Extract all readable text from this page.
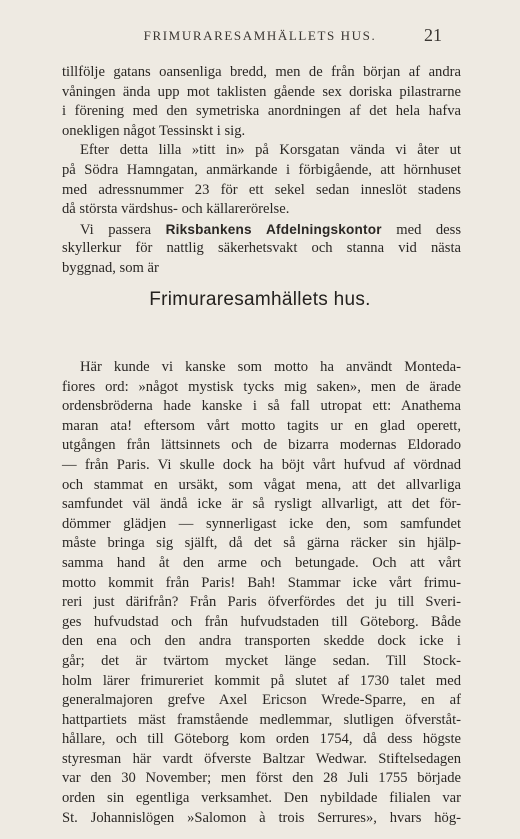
FRIMURARESAMHÄLLETS HUS.	21
tillfölje gatans oansenliga bredd, men de från början af andra
våningen ända upp mot taklisten gående sex doriska pilastrarne
i förening med den symetriska anordningen af det hela hafva
onekligen något Tessinskt i sig.
Efter detta lilla »titt in» på Korsgatan vända vi åter ut
på Södra Hamngatan, anmärkande i förbigående, att hörnhuset
med adressnummer 23 för ett sekel sedan inneslöt stadens
då största värdshus- och källarerörelse.
Vi passera Riksbankens Afdelningskontor med dess
skyllerkur för nattlig säkerhetsvakt och stanna vid nästa
byggnad, som är
Frimuraresamhällets hus.
Här kunde vi kanske som motto ha användt Monteda-
fiores ord: »något mystisk tycks mig saken», men de ärade
ordensbröderna hade kanske i så fall utropat ett: Anathema
maran ata! eftersom vårt motto tagits ur en glad operett,
utgången från lättsinnets och de bizarra modernas Eldorado
— från Paris. Vi skulle dock ha böjt vårt hufvud af vördnad
och stammat en ursäkt, som vågat mena, att det allvarliga
samfundet väl ändå icke är så rysligt allvarligt, att det för-
dömmer glädjen — synnerligast icke den, som samfundet
måste bringa sig själft, då det så gärna räcker sin hjälp-
samma hand åt den arme och betungade. Och att vårt
motto kommit från Paris! Bah! Stammar icke vårt frimu-
reri just därifrån? Från Paris öfverfördes det ju till Sveri-
ges hufvudstad och från hufvudstaden till Göteborg. Både
den ena och den andra transporten skedde dock icke i
går; det är tvärtom mycket länge sedan. Till Stock-
holm lärer frimureriet kommit på slutet af 1730 talet med
generalmajoren grefve Axel Ericson Wrede-Sparre, en af
hattpartiets mäst framstående medlemmar, slutligen öfverståt-
hållare, och till Göteborg kom orden 1754, då dess högste
styresman här vardt öfverste Baltzar Wedwar. Stiftelsedagen
var den 30 November; men först den 28 Juli 1755 började
orden sin egentliga verksamhet. Den nybildade filialen var
St. Johannislögen »Salomon à trois Serrures», hvars hög-
